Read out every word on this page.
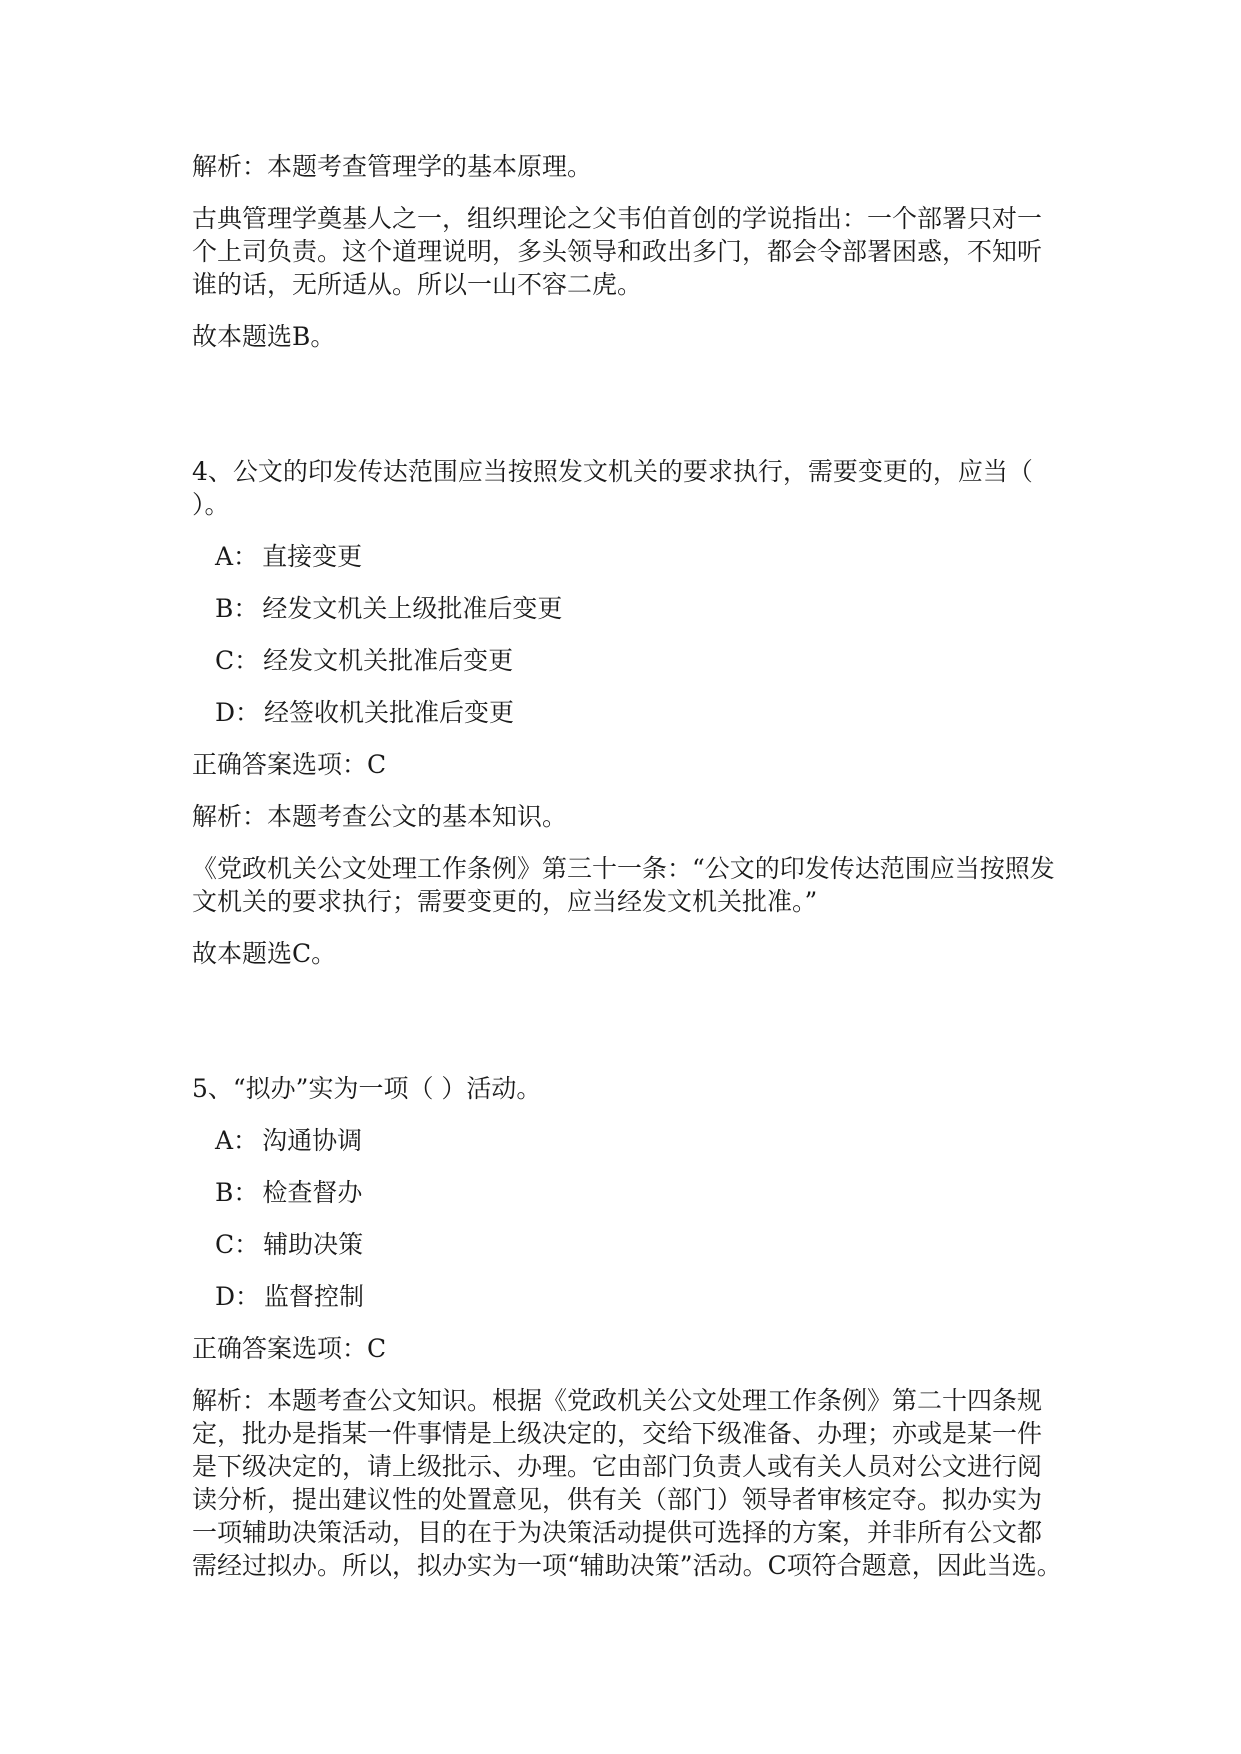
解析：本题考查管理学的基本原理。

古典管理学奠基人之一，组织理论之父韦伯首创的学说指出：一个部署只对一
个上司负责。这个道理说明，多头领导和政出多门，都会令部署困惑，不知听
谁的话，无所适从。所以一山不容二虎。

故本题选B。

4、公文的印发传达范围应当按照发文机关的要求执行，需要变更的，应当（
）。

A： 直接变更
B： 经发文机关上级批准后变更
C： 经发文机关批准后变更
D： 经签收机关批准后变更

正确答案选项：C

解析：本题考查公文的基本知识。

《党政机关公文处理工作条例》第三十一条：“公文的印发传达范围应当按照发
文机关的要求执行；需要变更的，应当经发文机关批准。”

故本题选C。

5、“拟办”实为一项（ ）活动。

A： 沟通协调
B： 检查督办
C： 辅助决策
D： 监督控制

正确答案选项：C

解析：本题考查公文知识。根据《党政机关公文处理工作条例》第二十四条规
定，批办是指某一件事情是上级决定的，交给下级准备、办理；亦或是某一件
是下级决定的，请上级批示、办理。它由部门负责人或有关人员对公文进行阅
读分析，提出建议性的处置意见，供有关（部门）领导者审核定夺。拟办实为
一项辅助决策活动，目的在于为决策活动提供可选择的方案，并非所有公文都
需经过拟办。所以，拟办实为一项“辅助决策”活动。C项符合题意，因此当选。
